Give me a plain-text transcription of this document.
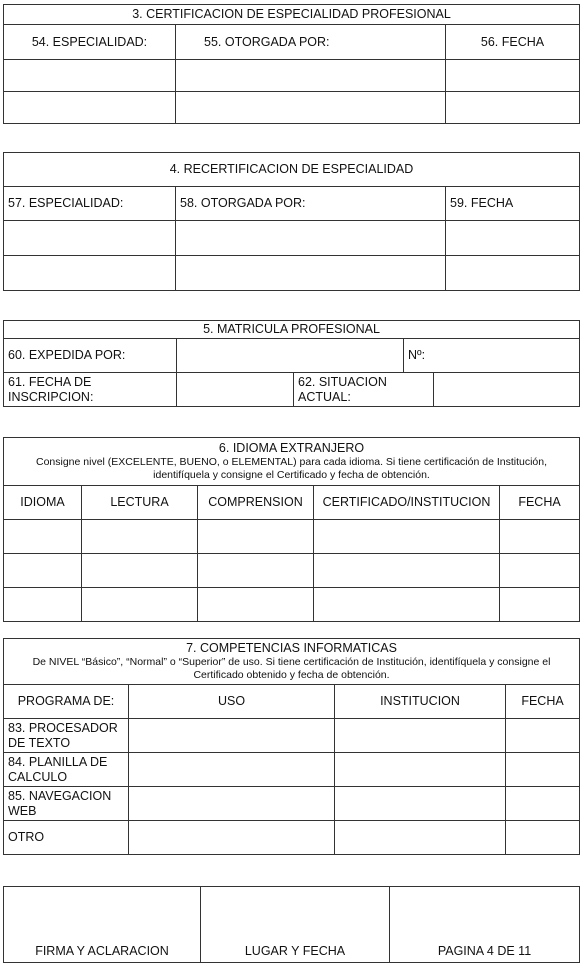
3. CERTIFICACION DE ESPECIALIDAD PROFESIONAL		
54. ESPECIALIDAD:	55. OTORGADA POR:	56. FECHA

4. RECERTIFICACION DE ESPECIALIDAD		
57. ESPECIALIDAD:	58. OTORGADA POR:	59. FECHA

5. MATRICULA PROFESIONAL				
60. EXPEDIDA POR:			Nº:	
61. FECHA DE INSCRIPCION:		62. SITUACION ACTUAL:		
6. IDIOMA EXTRANJERO
Consigne nivel (EXCELENTE, BUENO, o ELEMENTAL) para cada idioma. Si tiene certificación de Institución, identifíquela y consigne el Certificado y fecha de obtención.				

IDIOMA	LECTURA	COMPRENSION	CERTIFICADO/INSTITUCION	FECHA

7. COMPETENCIAS INFORMATICAS
De NIVEL “Básico”, “Normal” o “Superior” de uso. Si tiene certificación de Institución, identifíquela y consigne el Certificado obtenido y fecha de obtención.			

PROGRAMA DE:	USO	INSTITUCION	FECHA
83. PROCESADOR DE TEXTO			
84. PLANILLA DE CALCULO			
85. NAVEGACION WEB			
OTRO			
FIRMA Y ACLARACION	LUGAR Y FECHA	PAGINA 4 DE 11
